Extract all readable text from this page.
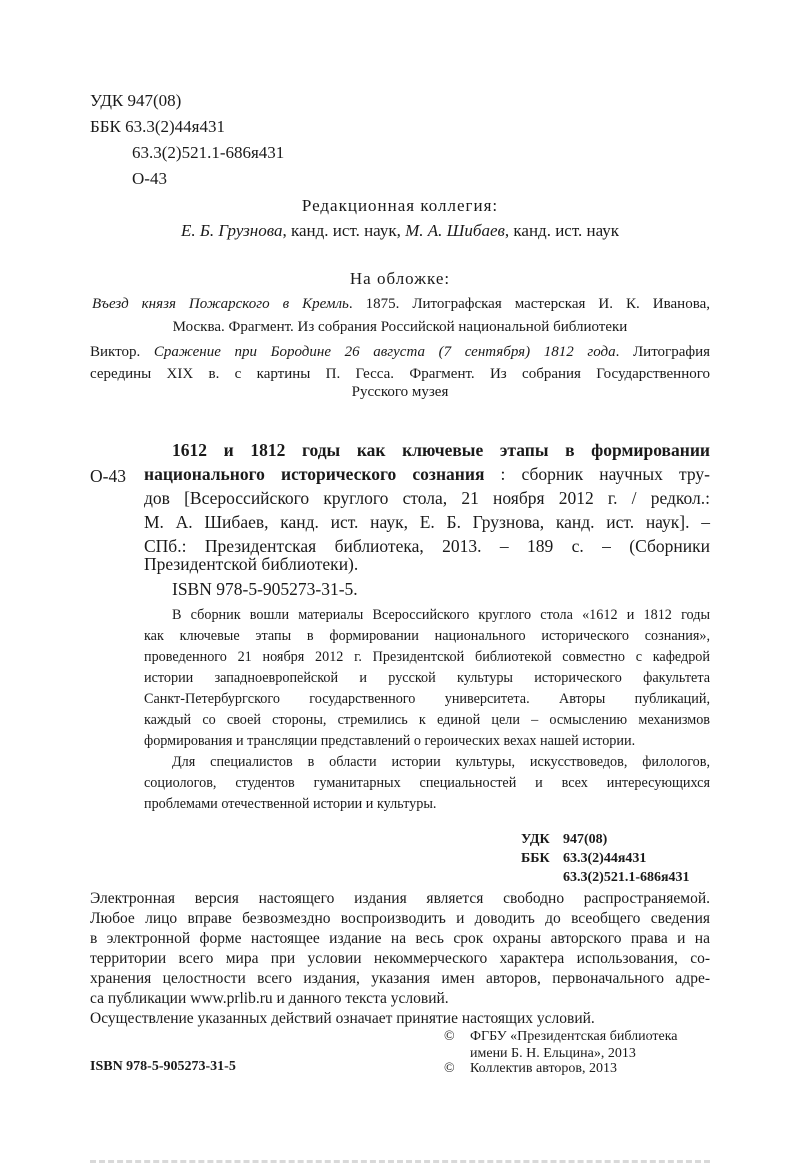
УДК 947(08)
ББК 63.3(2)44я431
63.3(2)521.1-686я431
О-43
Редакционная коллегия:
Е. Б. Грузнова, канд. ист. наук, М. А. Шибаев, канд. ист. наук
На обложке:
Въезд князя Пожарского в Кремль. 1875. Литографская мастерская И. К. Иванова,
Москва. Фрагмент. Из собрания Российской национальной библиотеки
Виктор. Сражение при Бородине 26 августа (7 сентября) 1812 года. Литография
середины XIX в. с картины П. Гесса. Фрагмент. Из собрания Государственного
Русского музея
О-43
1612 и 1812 годы как ключевые этапы в формировании
национального исторического сознания : сборник научных тру-
дов [Всероссийского круглого стола, 21 ноября 2012 г. / редкол.:
М. А. Шибаев, канд. ист. наук, Е. Б. Грузнова, канд. ист. наук]. –
СПб.: Президентская библиотека, 2013. – 189 с. – (Сборники
Президентской библиотеки).
ISBN 978-5-905273-31-5.
В сборник вошли материалы Всероссийского круглого стола «1612 и 1812 годы
как ключевые этапы в формировании национального исторического сознания»,
проведенного 21 ноября 2012 г. Президентской библиотекой совместно с кафедрой
истории западноевропейской и русской культуры исторического факультета
Санкт-Петербургского государственного университета. Авторы публикаций,
каждый со своей стороны, стремились к единой цели – осмыслению механизмов
формирования и трансляции представлений о героических вехах нашей истории.
Для специалистов в области истории культуры, искусствоведов, филологов,
социологов, студентов гуманитарных специальностей и всех интересующихся
проблемами отечественной истории и культуры.
УДК 947(08)
ББК 63.3(2)44я431
63.3(2)521.1-686я431
Электронная версия настоящего издания является свободно распространяемой.
Любое лицо вправе безвозмездно воспроизводить и доводить до всеобщего сведения
в электронной форме настоящее издание на весь срок охраны авторского права и на
территории всего мира при условии некоммерческого характера использования, со-
хранения целостности всего издания, указания имен авторов, первоначального адре-
са публикации www.prlib.ru и данного текста условий.
Осуществление указанных действий означает принятие настоящих условий.
ISBN 978-5-905273-31-5
© ФГБУ «Президентская библиотека
имени Б. Н. Ельцина», 2013
© Коллектив авторов, 2013
